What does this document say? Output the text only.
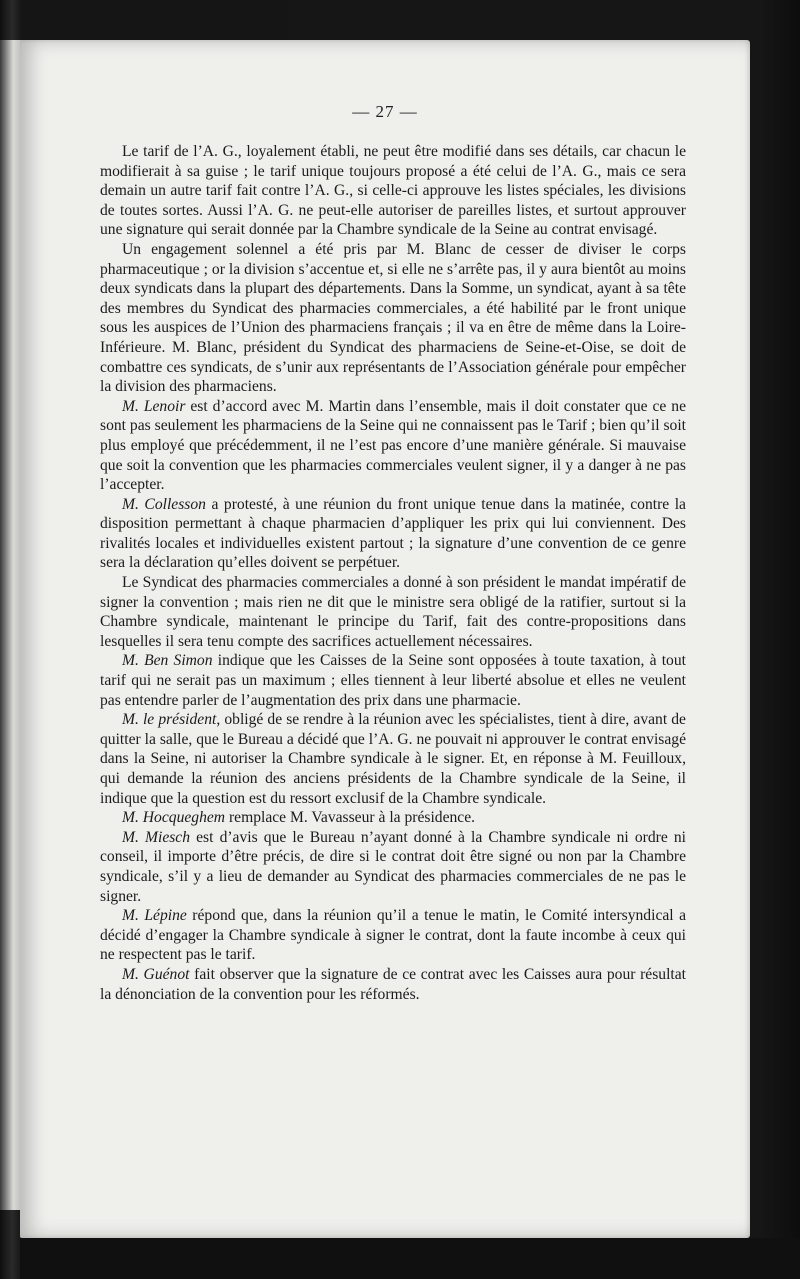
— 27 —

Le tarif de l’A. G., loyalement établi, ne peut être modifié dans ses détails, car chacun le modifierait à sa guise ; le tarif unique toujours proposé a été celui de l’A. G., mais ce sera demain un autre tarif fait contre l’A. G., si celle-ci approuve les listes spéciales, les divisions de toutes sortes. Aussi l’A. G. ne peut-elle autoriser de pareilles listes, et surtout approuver une signature qui serait donnée par la Chambre syndicale de la Seine au contrat envisagé.

Un engagement solennel a été pris par M. Blanc de cesser de diviser le corps pharmaceutique ; or la division s’accentue et, si elle ne s’arrête pas, il y aura bientôt au moins deux syndicats dans la plupart des départements. Dans la Somme, un syndicat, ayant à sa tête des membres du Syndicat des pharmacies commerciales, a été habilité par le front unique sous les auspices de l’Union des pharmaciens français ; il va en être de même dans la Loire-Inférieure. M. Blanc, président du Syndicat des pharmaciens de Seine-et-Oise, se doit de combattre ces syndicats, de s’unir aux représentants de l’Association générale pour empêcher la division des pharmaciens.

M. Lenoir est d’accord avec M. Martin dans l’ensemble, mais il doit constater que ce ne sont pas seulement les pharmaciens de la Seine qui ne connaissent pas le Tarif ; bien qu’il soit plus employé que précédemment, il ne l’est pas encore d’une manière générale. Si mauvaise que soit la convention que les pharmacies commerciales veulent signer, il y a danger à ne pas l’accepter.

M. Collesson a protesté, à une réunion du front unique tenue dans la matinée, contre la disposition permettant à chaque pharmacien d’appliquer les prix qui lui conviennent. Des rivalités locales et individuelles existent partout ; la signature d’une convention de ce genre sera la déclaration qu’elles doivent se perpétuer.

Le Syndicat des pharmacies commerciales a donné à son président le mandat impératif de signer la convention ; mais rien ne dit que le ministre sera obligé de la ratifier, surtout si la Chambre syndicale, maintenant le principe du Tarif, fait des contre-propositions dans lesquelles il sera tenu compte des sacrifices actuellement nécessaires.

M. Ben Simon indique que les Caisses de la Seine sont opposées à toute taxation, à tout tarif qui ne serait pas un maximum ; elles tiennent à leur liberté absolue et elles ne veulent pas entendre parler de l’augmentation des prix dans une pharmacie.

M. le président, obligé de se rendre à la réunion avec les spécialistes, tient à dire, avant de quitter la salle, que le Bureau a décidé que l’A. G. ne pouvait ni approuver le contrat envisagé dans la Seine, ni autoriser la Chambre syndicale à le signer. Et, en réponse à M. Feuilloux, qui demande la réunion des anciens présidents de la Chambre syndicale de la Seine, il indique que la question est du ressort exclusif de la Chambre syndicale.

M. Hocqueghem remplace M. Vavasseur à la présidence.

M. Miesch est d’avis que le Bureau n’ayant donné à la Chambre syndicale ni ordre ni conseil, il importe d’être précis, de dire si le contrat doit être signé ou non par la Chambre syndicale, s’il y a lieu de demander au Syndicat des pharmacies commerciales de ne pas le signer.

M. Lépine répond que, dans la réunion qu’il a tenue le matin, le Comité intersyndical a décidé d’engager la Chambre syndicale à signer le contrat, dont la faute incombe à ceux qui ne respectent pas le tarif.

M. Guénot fait observer que la signature de ce contrat avec les Caisses aura pour résultat la dénonciation de la convention pour les réformés.
